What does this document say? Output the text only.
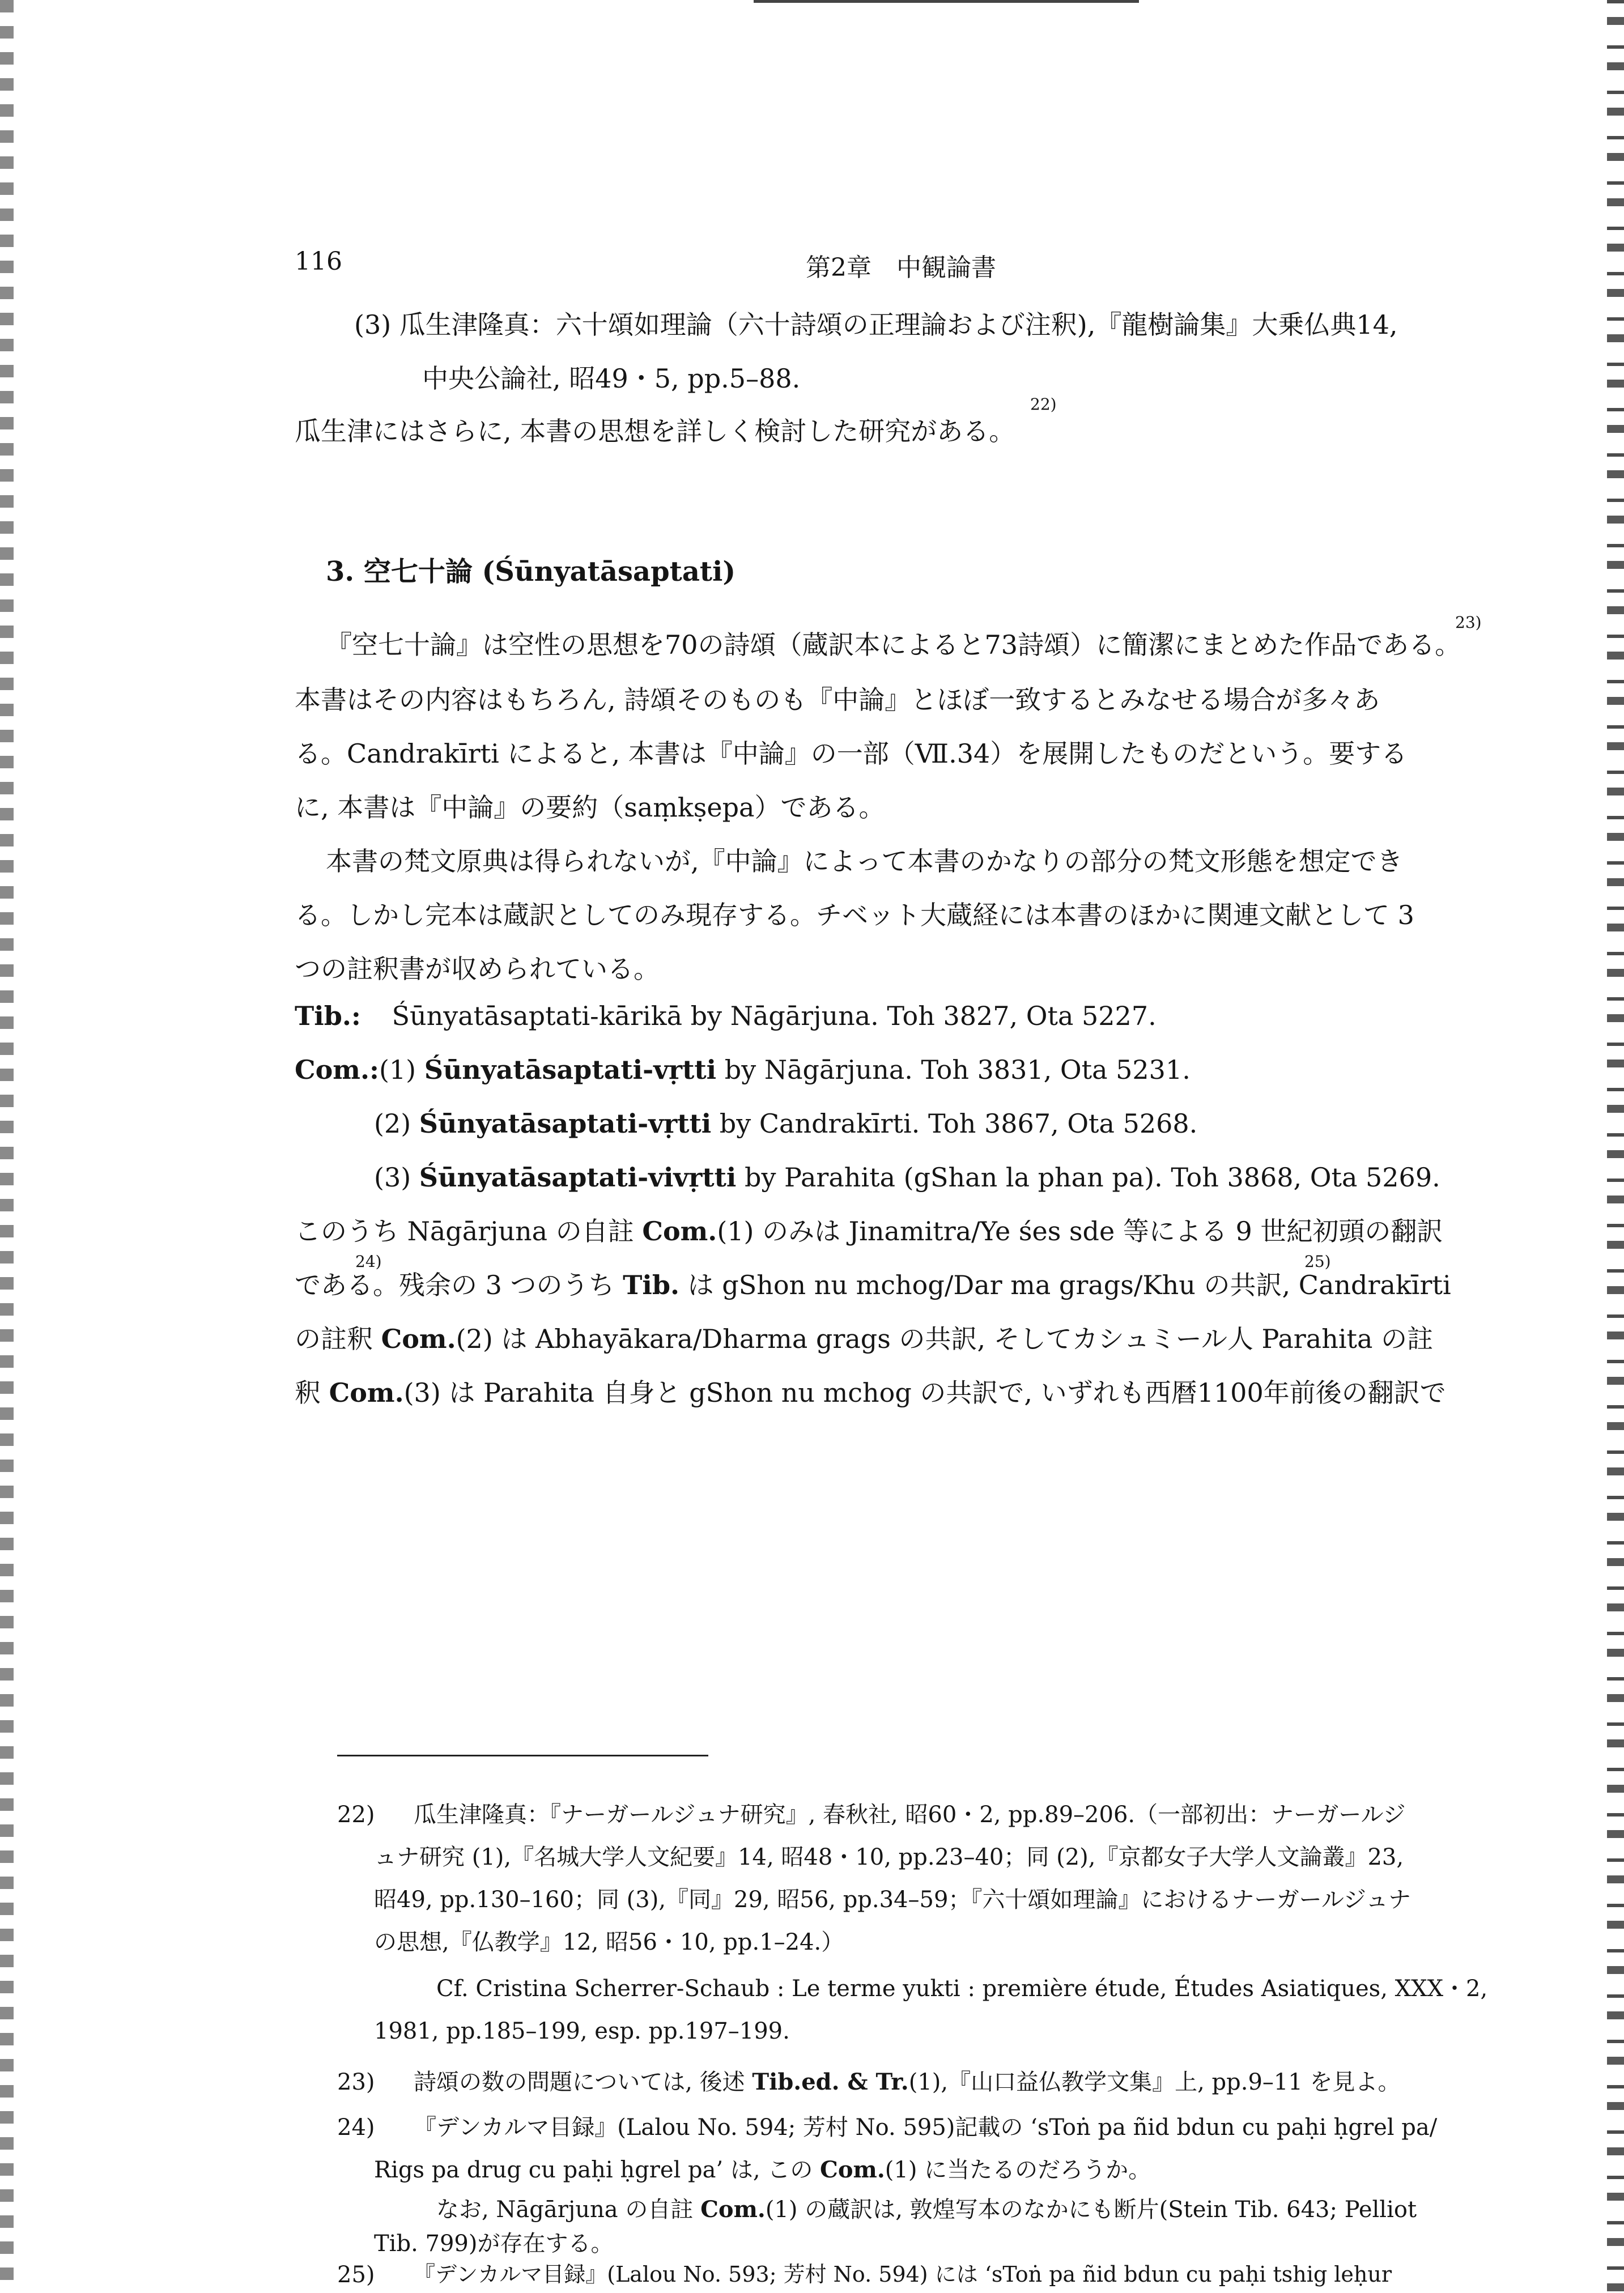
116	第2章　中観論書
(3) 瓜生津隆真：六十頌如理論（六十詩頌の正理論および注釈),『龍樹論集』大乗仏典14,
中央公論社, 昭49・5, pp.5–88.
22)
瓜生津にはさらに, 本書の思想を詳しく検討した研究がある。
3. 空七十論 (Śūnyatāsaptati)
23)
『空七十論』は空性の思想を70の詩頌（蔵訳本によると73詩頌）に簡潔にまとめた作品である。
本書はその内容はもちろん, 詩頌そのものも『中論』とほぼ一致するとみなせる場合が多々あ
る。Candrakīrti によると, 本書は『中論』の一部（Ⅶ.34）を展開したものだという。要する
に, 本書は『中論』の要約（saṃkṣepa）である。
本書の梵文原典は得られないが,『中論』によって本書のかなりの部分の梵文形態を想定でき
る。しかし完本は蔵訳としてのみ現存する。チベット大蔵経には本書のほかに関連文献として 3
つの註釈書が収められている。
Tib.: Śūnyatāsaptati-kārikā by Nāgārjuna. Toh 3827, Ota 5227.
Com.:(1) Śūnyatāsaptati-vṛtti by Nāgārjuna. Toh 3831, Ota 5231.
(2) Śūnyatāsaptati-vṛtti by Candrakīrti. Toh 3867, Ota 5268.
(3) Śūnyatāsaptati-vivṛtti by Parahita (gShan la phan pa). Toh 3868, Ota 5269.
このうち Nāgārjuna の自註 Com.(1) のみは Jinamitra/Ye śes sde 等による 9 世紀初頭の翻訳
24)	25)
である。残余の 3 つのうち Tib. は gShon nu mchog/Dar ma grags/Khu の共訳, Candrakīrti
の註釈 Com.(2) は Abhayākara/Dharma grags の共訳, そしてカシュミール人 Parahita の註
釈 Com.(3) は Parahita 自身と gShon nu mchog の共訳で, いずれも西暦1100年前後の翻訳で
22) 瓜生津隆真：『ナーガールジュナ研究』, 春秋社, 昭60・2, pp.89–206.（一部初出：ナーガールジ
ュナ研究 (1),『名城大学人文紀要』14, 昭48・10, pp.23–40；同 (2),『京都女子大学人文論叢』23,
昭49, pp.130–160；同 (3),『同』29, 昭56, pp.34–59；『六十頌如理論』におけるナーガールジュナ
の思想,『仏教学』12, 昭56・10, pp.1–24.）
Cf. Cristina Scherrer-Schaub : Le terme yukti : première étude, Études Asiatiques, XXX・2,
1981, pp.185–199, esp. pp.197–199.
23) 詩頌の数の問題については, 後述 Tib.ed. & Tr.(1),『山口益仏教学文集』上, pp.9–11 を見よ。
24) 『デンカルマ目録』(Lalou No. 594; 芳村 No. 595)記載の ‘sToṅ pa ñid bdun cu paḥi ḥgrel pa/
Rigs pa drug cu paḥi ḥgrel pa’ は, この Com.(1) に当たるのだろうか。
なお, Nāgārjuna の自註 Com.(1) の蔵訳は, 敦煌写本のなかにも断片(Stein Tib. 643; Pelliot
Tib. 799)が存在する。
25) 『デンカルマ目録』(Lalou No. 593; 芳村 No. 594) には ‘sToṅ pa ñid bdun cu paḥi tshig leḥur
